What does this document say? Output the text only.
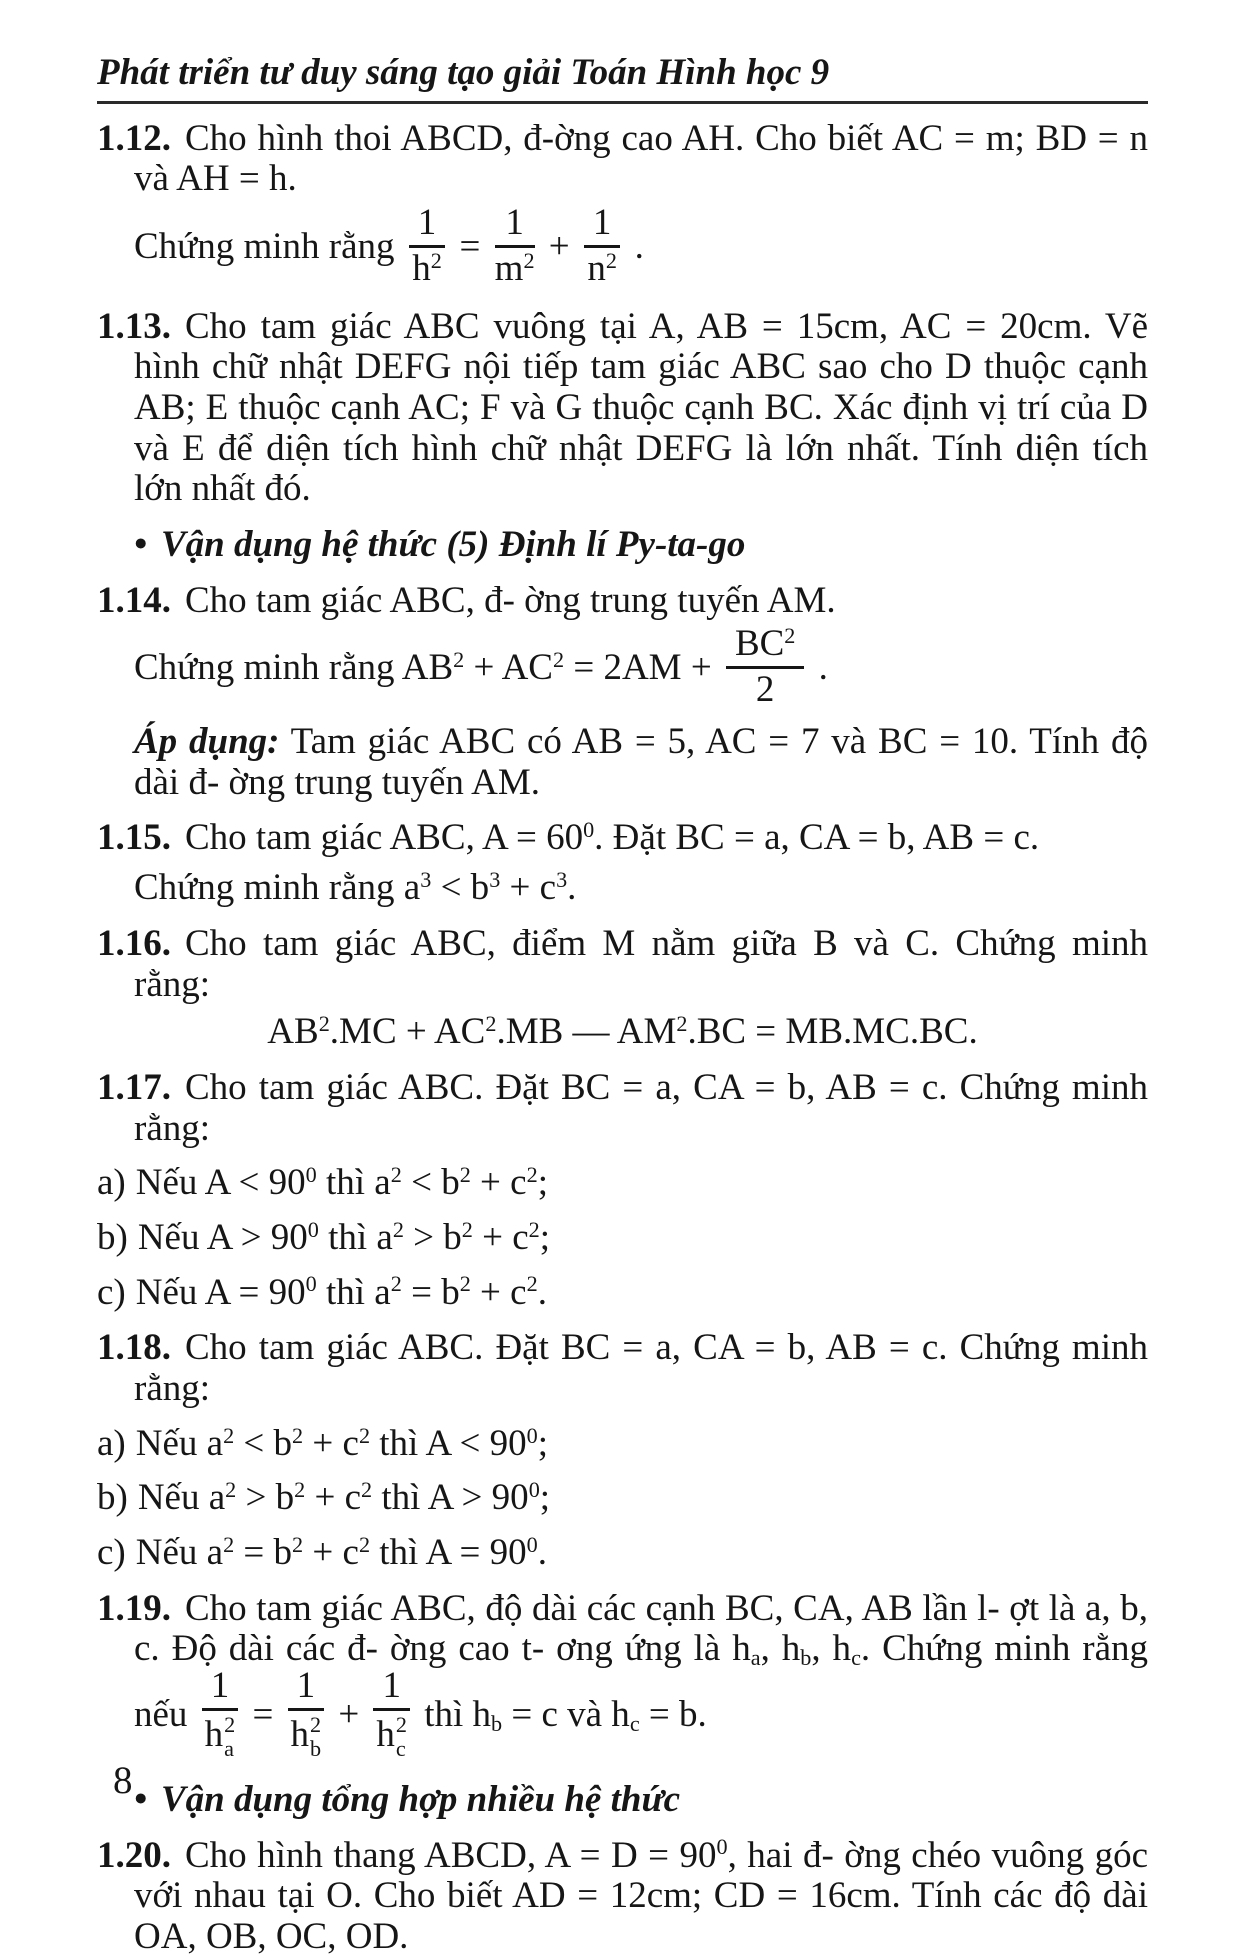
Phát triển tư duy sáng tạo giải Toán Hình học 9
1.12. Cho hình thoi ABCD, đ-ờng cao AH. Cho biết AC = m; BD = n và AH = h.
Chứng minh rằng $\frac{1}{h^2} = \frac{1}{m^2} + \frac{1}{n^2}$ .
1.13. Cho tam giác ABC vuông tại A, AB = 15cm, AC = 20cm. Vẽ hình chữ nhật DEFG nội tiếp tam giác ABC sao cho D thuộc cạnh AB; E thuộc cạnh AC; F và G thuộc cạnh BC. Xác định vị trí của D và E để diện tích hình chữ nhật DEFG là lớn nhất. Tính diện tích lớn nhất đó.
• Vận dụng hệ thức (5) Định lí Py-ta-go
1.14. Cho tam giác ABC, đ- ờng trung tuyến AM.
Chứng minh rằng $AB^2 + AC^2 = 2AM + \frac{BC^2}{2}$ .
Áp dụng: Tam giác ABC có AB = 5, AC = 7 và BC = 10. Tính độ dài đ- ờng trung tuyến AM.
1.15. Cho tam giác ABC, $A = 60^0$. Đặt BC = a, CA = b, AB = c.
Chứng minh rằng $a^3 < b^3 + c^3$.
1.16. Cho tam giác ABC, điểm M nằm giữa B và C. Chứng minh rằng:
$AB^2.MC + AC^2.MB$ — $AM^2.BC = MB.MC.BC$.
1.17. Cho tam giác ABC. Đặt BC = a, CA = b, AB = c. Chứng minh rằng:
a) Nếu $A < 90^0$ thì $a^2 < b^2 + c^2$;
b) Nếu $A > 90^0$ thì $a^2 > b^2 + c^2$;
c) Nếu $A = 90^0$ thì $a^2 = b^2 + c^2$.
1.18. Cho tam giác ABC. Đặt BC = a, CA = b, AB = c. Chứng minh rằng:
a) Nếu $a^2 < b^2 + c^2$ thì $A < 90^0$;
b) Nếu $a^2 > b^2 + c^2$ thì $A > 90^0$;
c) Nếu $a^2 = b^2 + c^2$ thì $A = 90^0$.
1.19. Cho tam giác ABC, độ dài các cạnh BC, CA, AB lần l- ợt là a, b, c. Độ dài các đ- ờng cao t- ơng ứng là $h_a$, $h_b$, $h_c$. Chứng minh rằng nếu 1
h 2
a = 1
h 2
b + 1
h 2
c thì $h_b = c$ và $h_c = b$.
• Vận dụng tổng hợp nhiều hệ thức
1.20. Cho hình thang ABCD, $A = D = 90^0$, hai đ- ờng chéo vuông góc với nhau tại O. Cho biết AD = 12cm; CD = 16cm. Tính các độ dài OA, OB, OC, OD.
8
